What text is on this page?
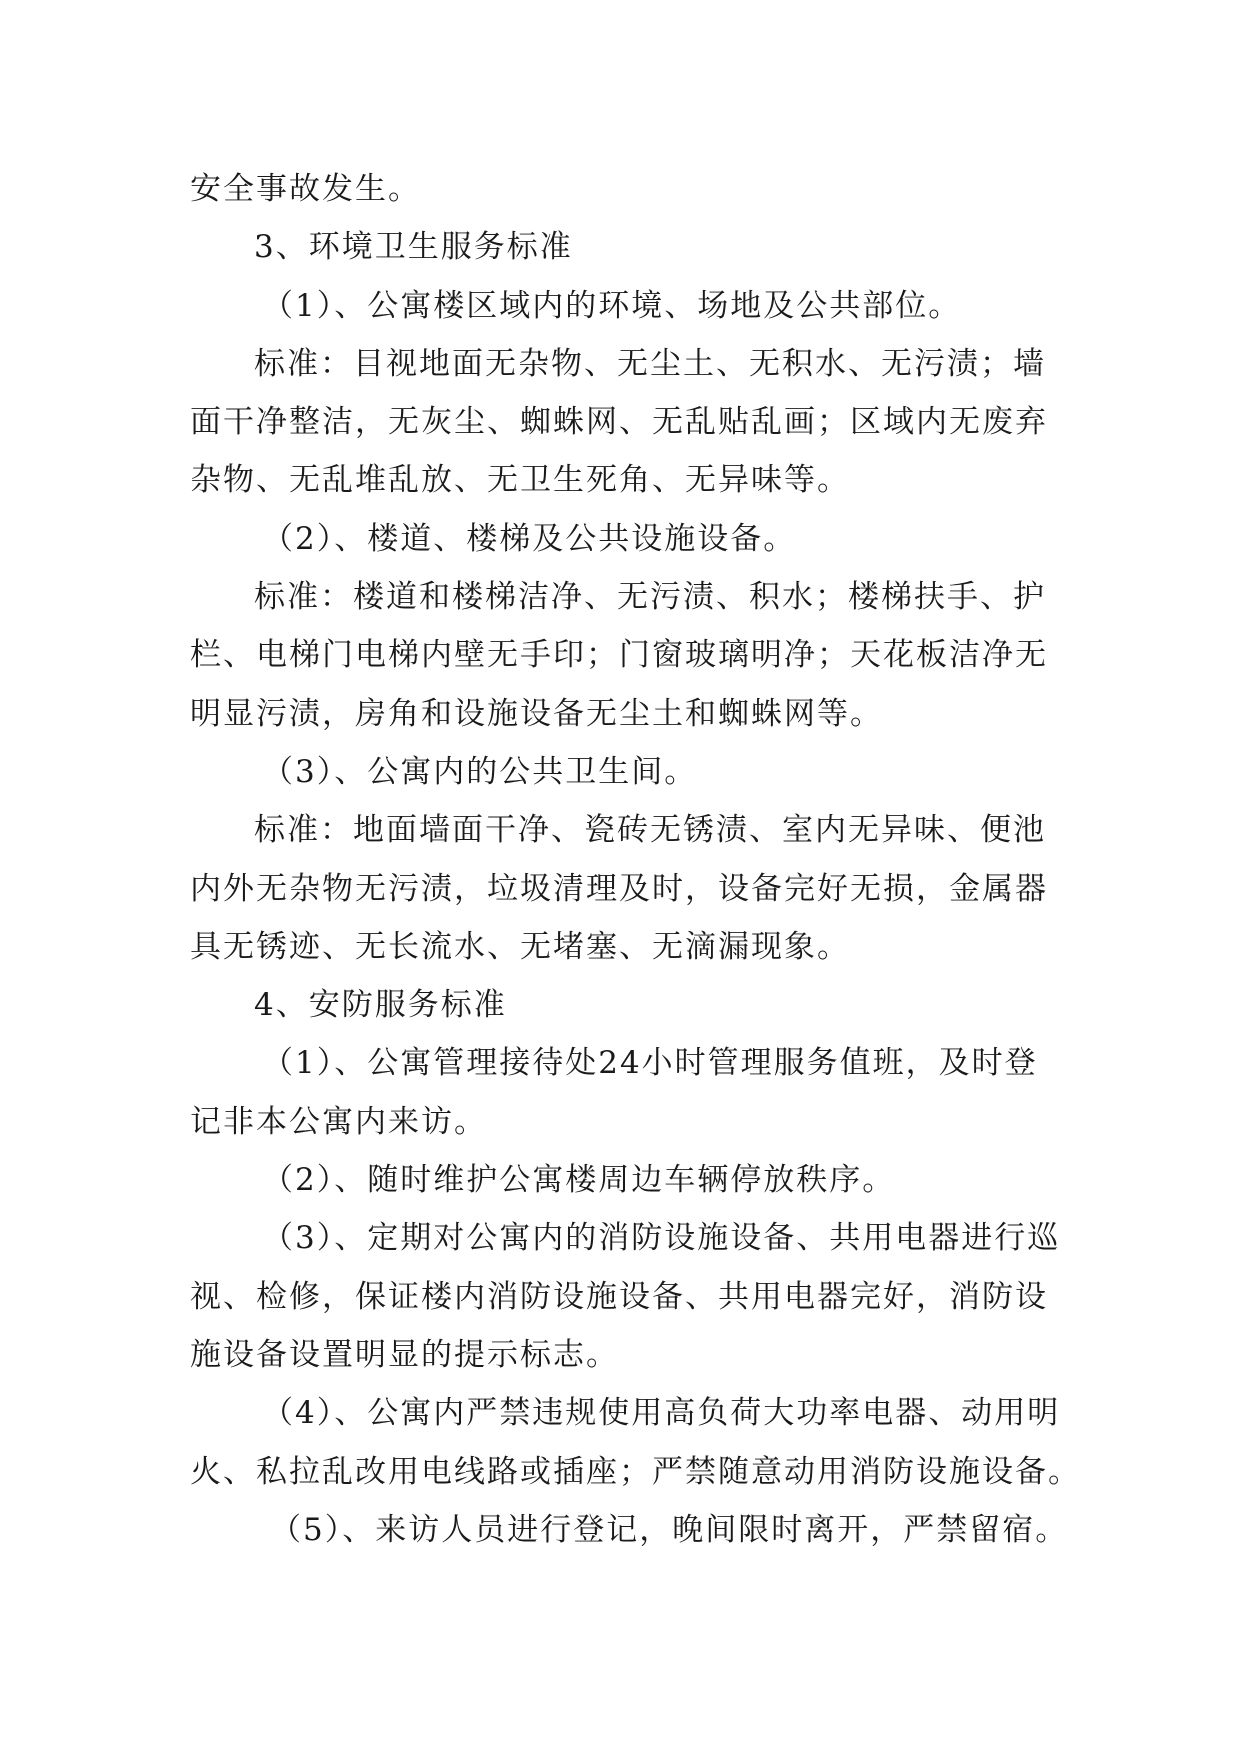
安全事故发生。
3、环境卫生服务标准
（1）、公寓楼区域内的环境、场地及公共部位。
标准：目视地面无杂物、无尘土、无积水、无污渍；墙
面干净整洁，无灰尘、蜘蛛网、无乱贴乱画；区域内无废弃
杂物、无乱堆乱放、无卫生死角、无异味等。
（2）、楼道、楼梯及公共设施设备。
标准：楼道和楼梯洁净、无污渍、积水；楼梯扶手、护
栏、电梯门电梯内壁无手印；门窗玻璃明净；天花板洁净无
明显污渍，房角和设施设备无尘土和蜘蛛网等。
（3）、公寓内的公共卫生间。
标准：地面墙面干净、瓷砖无锈渍、室内无异味、便池
内外无杂物无污渍，垃圾清理及时，设备完好无损，金属器
具无锈迹、无长流水、无堵塞、无滴漏现象。
4、安防服务标准
（1）、公寓管理接待处24小时管理服务值班，及时登
记非本公寓内来访。
（2）、随时维护公寓楼周边车辆停放秩序。
（3）、定期对公寓内的消防设施设备、共用电器进行巡
视、检修，保证楼内消防设施设备、共用电器完好，消防设
施设备设置明显的提示标志。
（4）、公寓内严禁违规使用高负荷大功率电器、动用明
火、私拉乱改用电线路或插座；严禁随意动用消防设施设备。
（5）、来访人员进行登记，晚间限时离开，严禁留宿。
